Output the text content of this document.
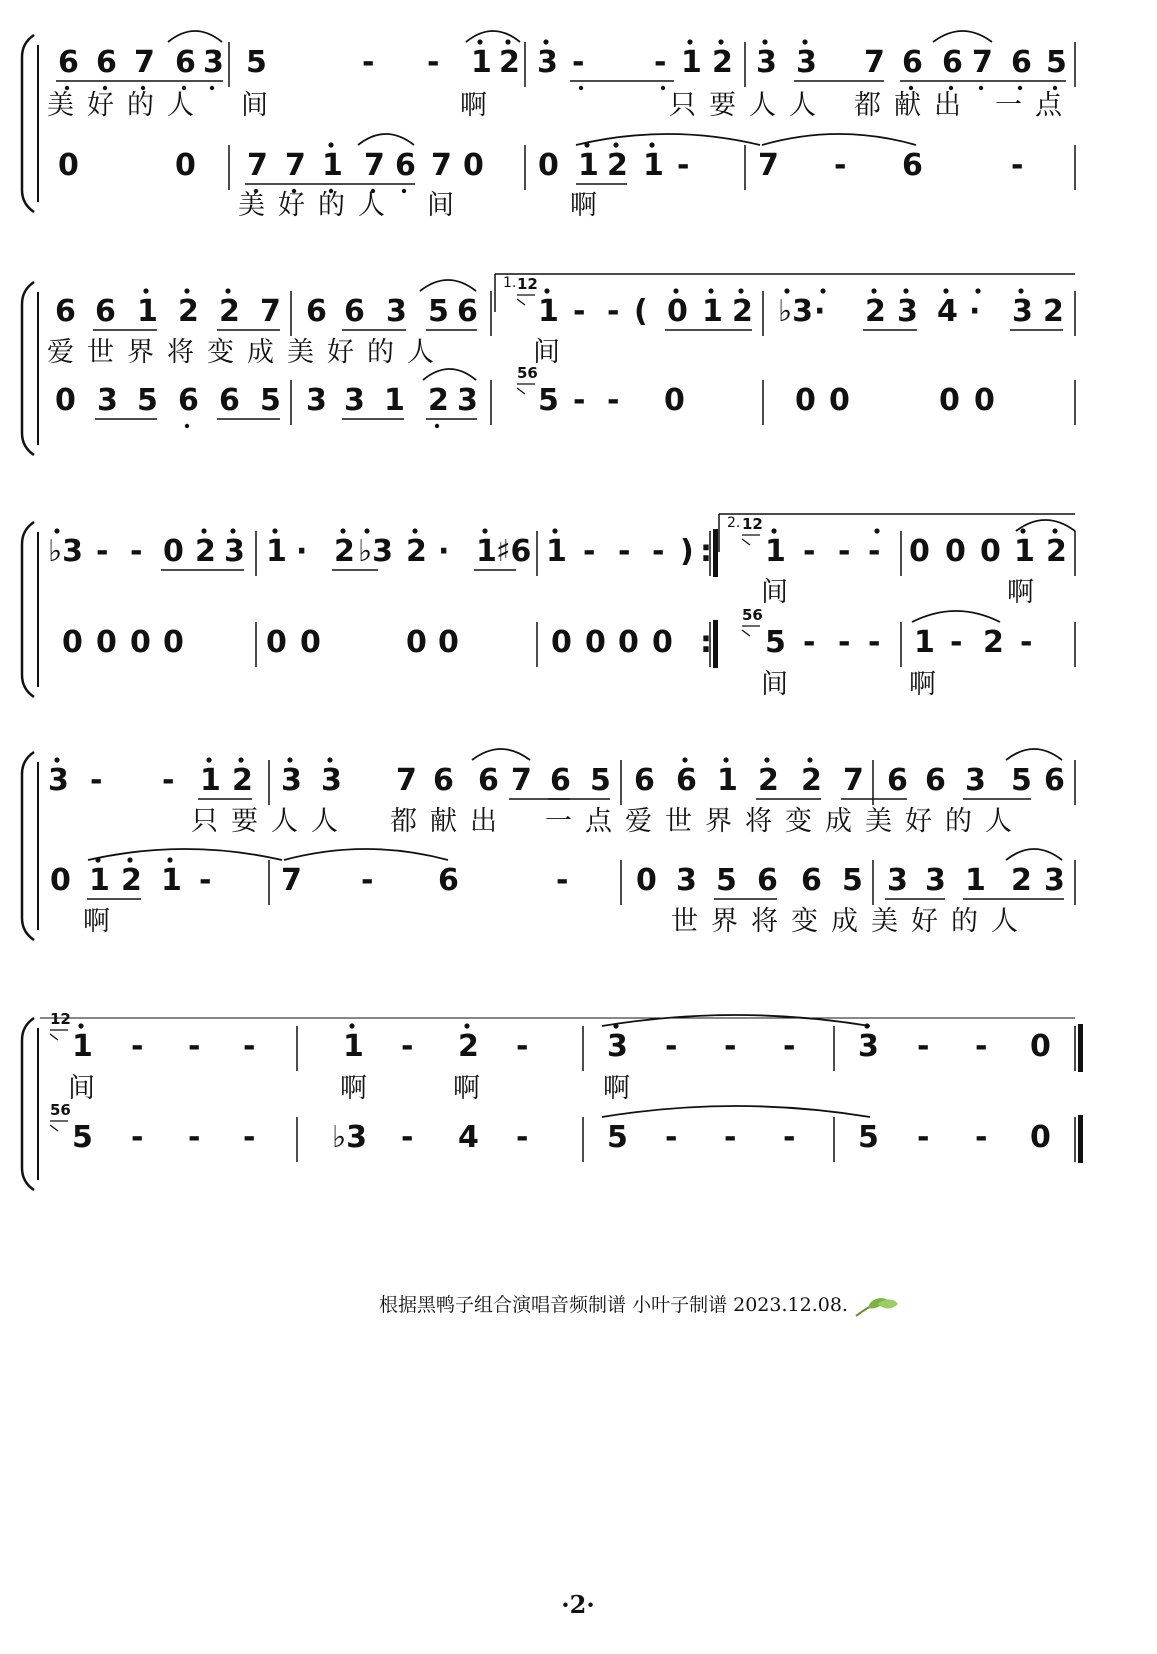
6 6 7 6 3 5	- - 1 2 3 - - 1 2 3 3 7 6 6 7 6 5
美好的人 间	啊	只要人人 都献出 一点
0	0 7 7 1 7 6 7 0 0 1 2 1 - 7 - 6	-
美好的人 间	啊
6 6 1 2 2 7 6 6 3 5 6 1 - - ( 0 1 2 ♭3 · 2 3 4 · 3 2
爱世界将变成美好的人	间
0 3 5 6 6 5 3 3 1 2 3 5 - - 0	0 0	0 0
♭3 - - 0 2 3 1 · 2 ♭3 2 · 1 ♯6 1 - - - ) : 1 - - - 0 0 0 1 2
间	啊
0 0 0 0	0 0	0 0	0 0 0 0 : 5 - - - 1 - 2 -
间	啊
3 - - 1 2 3 3 7 6 6 7 6 5 6 6 1 2 2 7 6 6 3 5 6
只要人人 都献出 一点爱世界将变成美好的人
0 1 2 1 - 7 - 6	- 0 3 5 6 6 5 3 3 1 2 3
啊	世界将变成美好的人
1 - - -	1 - 2 -	3 - - - 3 - - 0
间	啊	啊	啊
5 - - -	♭3 - 4 -	5 - - - 5 - - 0
12
56
12
56
12
56
1.
2.
根据黑鸭子组合演唱音频制谱 小叶子制谱 2023.12.08.
·2·
